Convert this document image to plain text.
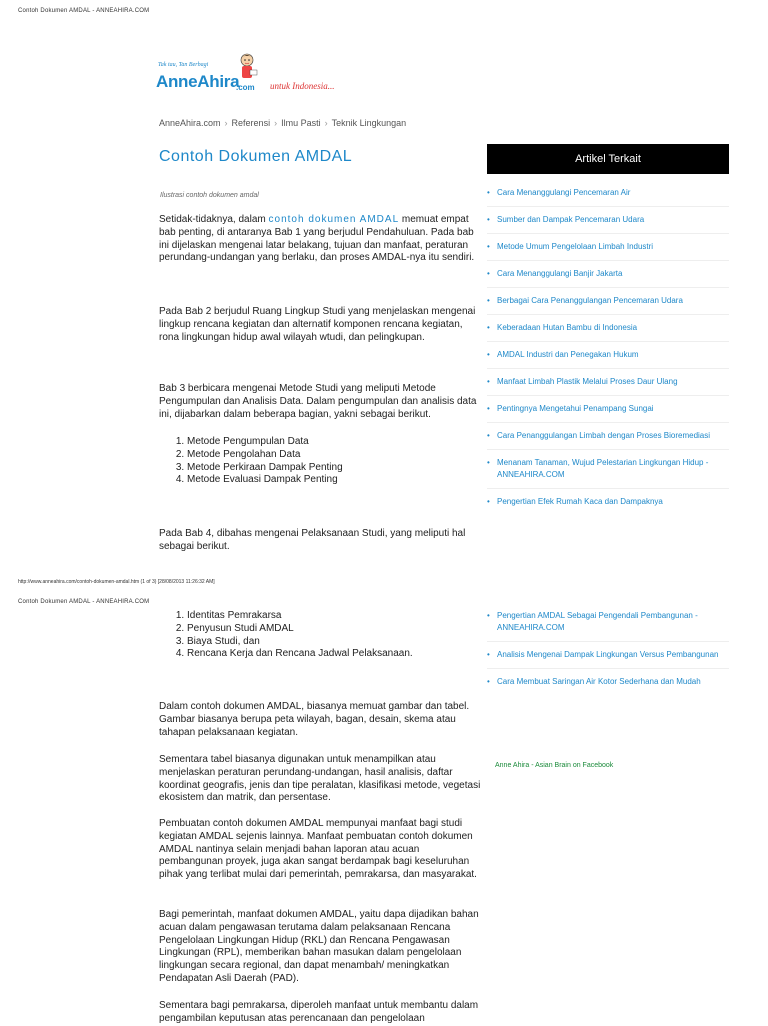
Contoh Dokumen AMDAL - ANNEAHIRA.COM
Tak tau, Tan Berbagi
AnneAhira
.com untuk Indonesia...
AnneAhira.com › Referensi › Ilmu Pasti › Teknik Lingkungan
Contoh Dokumen AMDAL
Ilustrasi contoh dokumen amdal

Setidak-tidaknya, dalam contoh dokumen AMDAL memuat empat bab penting, di antaranya Bab 1 yang berjudul Pendahuluan. Pada bab ini dijelaskan mengenai latar belakang, tujuan dan manfaat, peraturan perundang-undangan yang berlaku, dan proses AMDAL-nya itu sendiri.

Pada Bab 2 berjudul Ruang Lingkup Studi yang menjelaskan mengenai lingkup rencana kegiatan dan alternatif komponen rencana kegiatan, rona lingkungan hidup awal wilayah wtudi, dan pelingkupan.

Bab 3 berbicara mengenai Metode Studi yang meliputi Metode Pengumpulan dan Analisis Data. Dalam pengumpulan dan analisis data ini, dijabarkan dalam beberapa bagian, yakni sebagai berikut.

1. Metode Pengumpulan Data
2. Metode Pengolahan Data
3. Metode Perkiraan Dampak Penting
4. Metode Evaluasi Dampak Penting

Pada Bab 4, dibahas mengenai Pelaksanaan Studi, yang meliputi hal sebagai berikut.

Artikel Terkait
• Cara Menanggulangi Pencemaran Air
• Sumber dan Dampak Pencemaran Udara
• Metode Umum Pengelolaan Limbah Industri
• Cara Menanggulangi Banjir Jakarta
• Berbagai Cara Penanggulangan Pencemaran Udara
• Keberadaan Hutan Bambu di Indonesia
• AMDAL Industri dan Penegakan Hukum
• Manfaat Limbah Plastik Melalui Proses Daur Ulang
• Pentingnya Mengetahui Penampang Sungai
• Cara Penanggulangan Limbah dengan Proses Bioremediasi
• Menanam Tanaman, Wujud Pelestarian Lingkungan Hidup - ANNEAHIRA.COM
• Pengertian Efek Rumah Kaca dan Dampaknya
http://www.anneahira.com/contoh-dokumen-amdal.htm (1 of 3) [28/08/2013 11:26:32 AM]
Contoh Dokumen AMDAL - ANNEAHIRA.COM
1. Identitas Pemrakarsa
2. Penyusun Studi AMDAL
3. Biaya Studi, dan
4. Rencana Kerja dan Rencana Jadwal Pelaksanaan.

Dalam contoh dokumen AMDAL, biasanya memuat gambar dan tabel. Gambar biasanya berupa peta wilayah, bagan, desain, skema atau tahapan pelaksanaan kegiatan.

Sementara tabel biasanya digunakan untuk menampilkan atau menjelaskan peraturan perundang-undangan, hasil analisis, daftar koordinat geografis, jenis dan tipe peralatan, klasifikasi metode, vegetasi ekosistem dan matrik, dan persentase.

Pembuatan contoh dokumen AMDAL mempunyai manfaat bagi studi kegiatan AMDAL sejenis lainnya. Manfaat pembuatan contoh dokumen AMDAL nantinya selain menjadi bahan laporan atau acuan pembangunan proyek, juga akan sangat berdampak bagi keseluruhan pihak yang terlibat mulai dari pemerintah, pemrakarsa, dan masyarakat.

Bagi pemerintah, manfaat dokumen AMDAL, yaitu dapa dijadikan bahan acuan dalam pengawasan terutama dalam pelaksanaan Rencana Pengelolaan Lingkungan Hidup (RKL) dan Rencana Pengawasan Lingkungan (RPL), memberikan bahan masukan dalam pengelolaan lingkungan secara regional, dan dapat menambah/ meningkatkan Pendapatan Asli Daerah (PAD).

Sementara bagi pemrakarsa, diperoleh manfaat untuk membantu dalam pengambilan keputusan atas perencanaan dan pengelolaan

• Pengertian AMDAL Sebagai Pengendali Pembangunan - ANNEAHIRA.COM
• Analisis Mengenai Dampak Lingkungan Versus Pembangunan
• Cara Membuat Saringan Air Kotor Sederhana dan Mudah
Anne Ahira - Asian Brain on Facebook
